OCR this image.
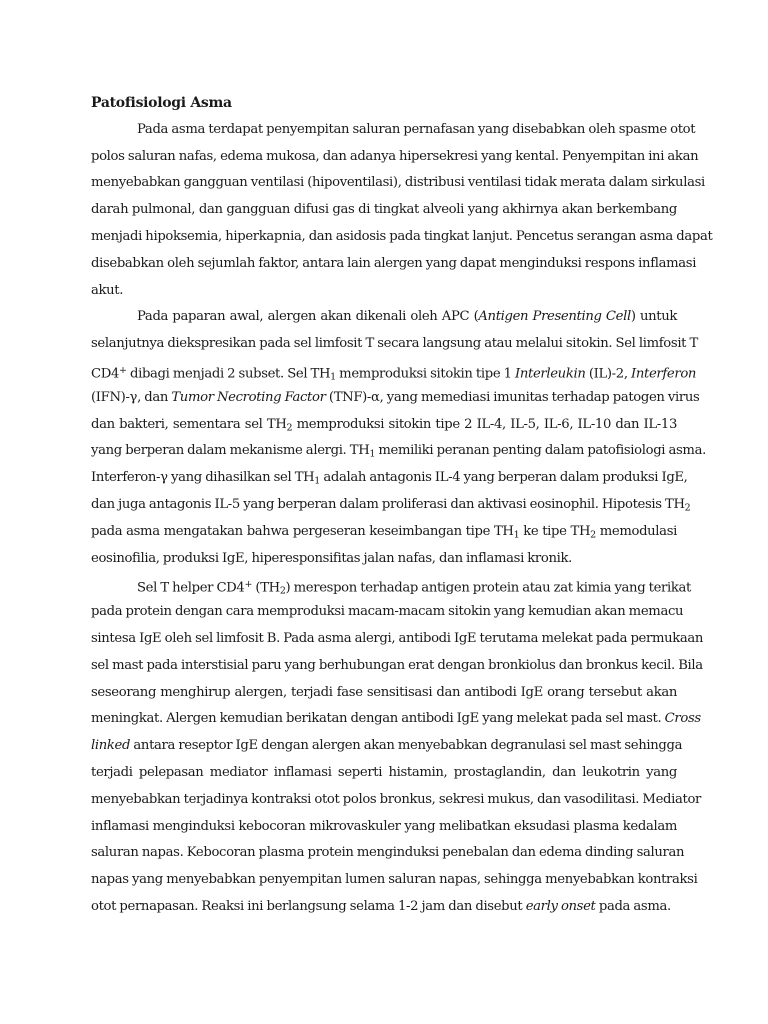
Patofisiologi Asma

Pada asma terdapat penyempitan saluran pernafasan yang disebabkan oleh spasme otot
polos saluran nafas, edema mukosa, dan adanya hipersekresi yang kental. Penyempitan ini akan
menyebabkan gangguan ventilasi (hipoventilasi), distribusi ventilasi tidak merata dalam sirkulasi
darah pulmonal, dan gangguan difusi gas di tingkat alveoli yang akhirnya akan berkembang
menjadi hipoksemia, hiperkapnia, dan asidosis pada tingkat lanjut. Pencetus serangan asma dapat
disebabkan oleh sejumlah faktor, antara lain alergen yang dapat menginduksi respons inflamasi
akut.

Pada paparan awal, alergen akan dikenali oleh APC (Antigen Presenting Cell) untuk
selanjutnya diekspresikan pada sel limfosit T secara langsung atau melalui sitokin. Sel limfosit T
CD4+ dibagi menjadi 2 subset. Sel $TH_1$ memproduksi sitokin tipe 1 Interleukin (IL)-2, Interferon
(IFN)-γ, dan Tumor Necroting Factor (TNF)-α, yang memediasi imunitas terhadap patogen virus
dan bakteri, sementara sel $TH_2$ memproduksi sitokin tipe 2 IL-4, IL-5, IL-6, IL-10 dan IL-13
yang berperan dalam mekanisme alergi. $TH_1$ memiliki peranan penting dalam patofisiologi asma.
Interferon-γ yang dihasilkan sel $TH_1$ adalah antagonis IL-4 yang berperan dalam produksi IgE,
dan juga antagonis IL-5 yang berperan dalam proliferasi dan aktivasi eosinophil. Hipotesis $TH_2$
pada asma mengatakan bahwa pergeseran keseimbangan tipe $TH_1$ ke tipe $TH_2$ memodulasi
eosinofilia, produksi IgE, hiperesponsifitas jalan nafas, dan inflamasi kronik.

Sel T helper CD4+ $(TH_2)$ merespon terhadap antigen protein atau zat kimia yang terikat
pada protein dengan cara memproduksi macam-macam sitokin yang kemudian akan memacu
sintesa IgE oleh sel limfosit B. Pada asma alergi, antibodi IgE terutama melekat pada permukaan
sel mast pada interstisial paru yang berhubungan erat dengan bronkiolus dan bronkus kecil. Bila
seseorang menghirup alergen, terjadi fase sensitisasi dan antibodi IgE orang tersebut akan
meningkat. Alergen kemudian berikatan dengan antibodi IgE yang melekat pada sel mast. Cross
linked antara reseptor IgE dengan alergen akan menyebabkan degranulasi sel mast sehingga
terjadi pelepasan mediator inflamasi seperti histamin, prostaglandin, dan leukotrin yang
menyebabkan terjadinya kontraksi otot polos bronkus, sekresi mukus, dan vasodilitasi. Mediator
inflamasi menginduksi kebocoran mikrovaskuler yang melibatkan eksudasi plasma kedalam
saluran napas. Kebocoran plasma protein menginduksi penebalan dan edema dinding saluran
napas yang menyebabkan penyempitan lumen saluran napas, sehingga menyebabkan kontraksi
otot pernapasan. Reaksi ini berlangsung selama 1-2 jam dan disebut early onset pada asma.
